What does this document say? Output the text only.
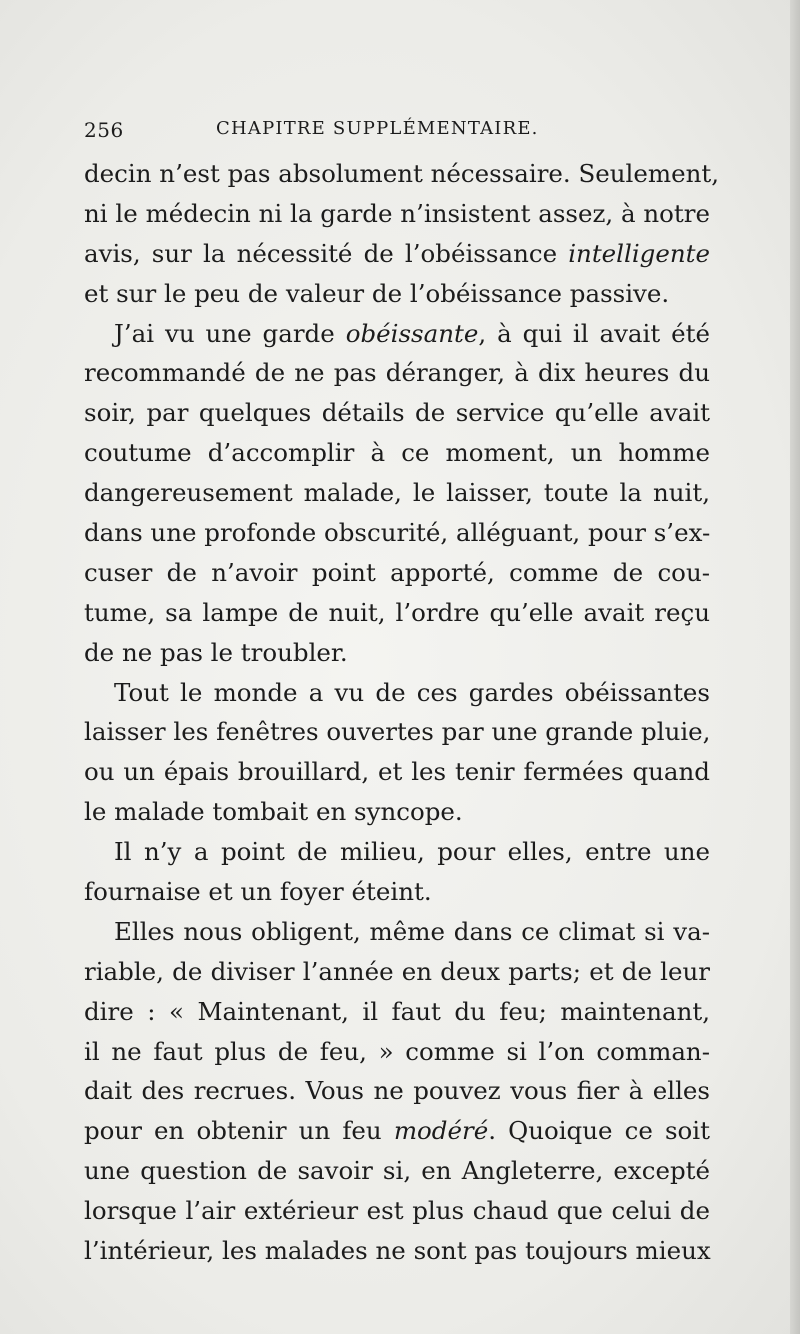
256	CHAPITRE SUPPLÉMENTAIRE.
decin n’est pas absolument nécessaire. Seulement,
ni le médecin ni la garde n’insistent assez, à notre
avis, sur la nécessité de l’obéissance intelligente
et sur le peu de valeur de l’obéissance passive.
J’ai vu une garde obéissante, à qui il avait été
recommandé de ne pas déranger, à dix heures du
soir, par quelques détails de service qu’elle avait
coutume d’accomplir à ce moment, un homme
dangereusement malade, le laisser, toute la nuit,
dans une profonde obscurité, alléguant, pour s’ex-
cuser de n’avoir point apporté, comme de cou-
tume, sa lampe de nuit, l’ordre qu’elle avait reçu
de ne pas le troubler.
Tout le monde a vu de ces gardes obéissantes
laisser les fenêtres ouvertes par une grande pluie,
ou un épais brouillard, et les tenir fermées quand
le malade tombait en syncope.
Il n’y a point de milieu, pour elles, entre une
fournaise et un foyer éteint.
Elles nous obligent, même dans ce climat si va-
riable, de diviser l’année en deux parts; et de leur
dire : « Maintenant, il faut du feu; maintenant,
il ne faut plus de feu, » comme si l’on comman-
dait des recrues. Vous ne pouvez vous fier à elles
pour en obtenir un feu modéré. Quoique ce soit
une question de savoir si, en Angleterre, excepté
lorsque l’air extérieur est plus chaud que celui de
l’intérieur, les malades ne sont pas toujours mieux
